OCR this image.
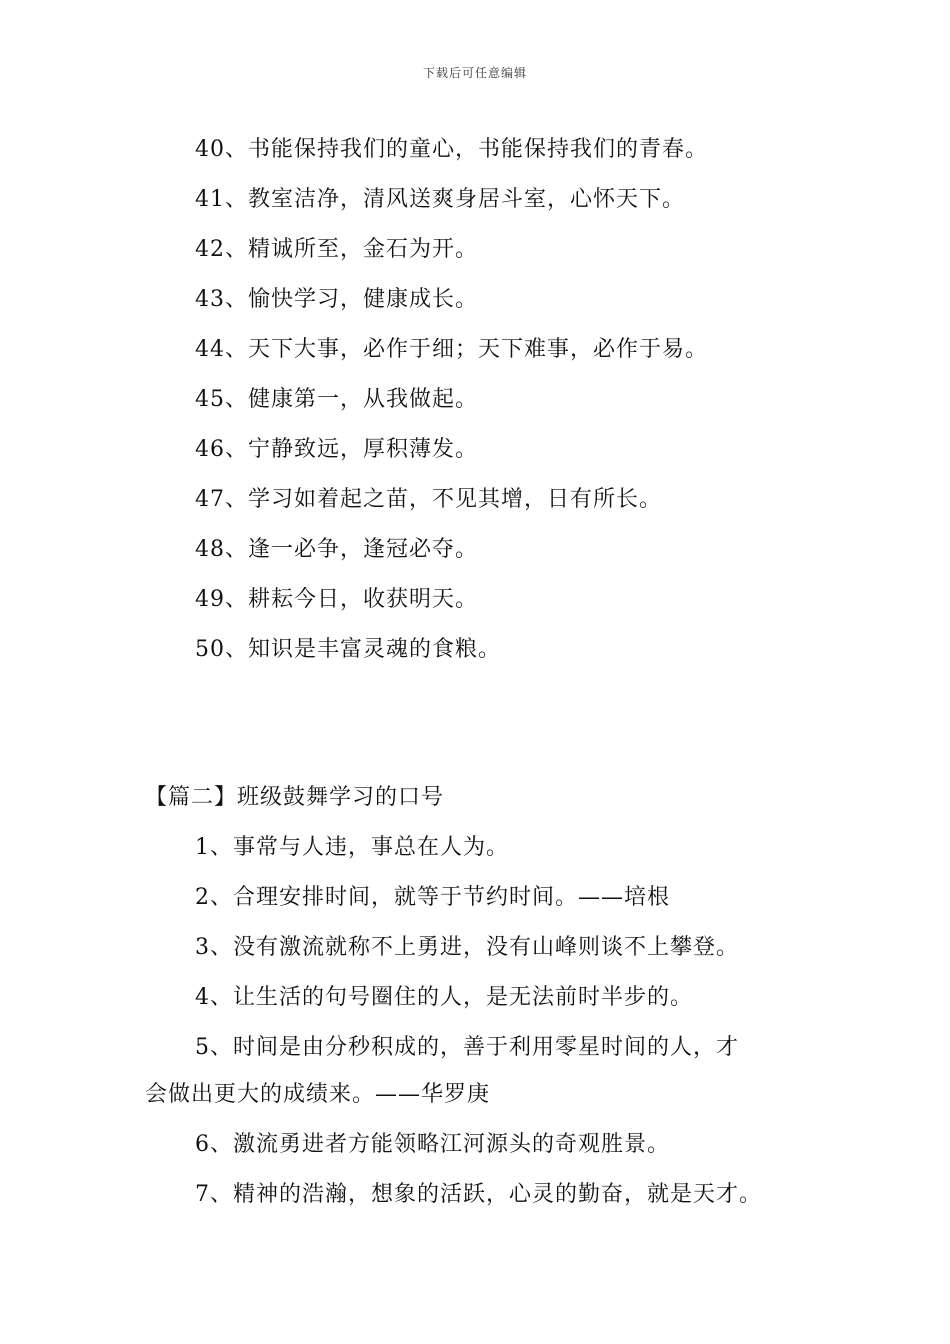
下载后可任意编辑
40、书能保持我们的童心，书能保持我们的青春。
41、教室洁净，清风送爽身居斗室，心怀天下。
42、精诚所至，金石为开。
43、愉快学习，健康成长。
44、天下大事，必作于细；天下难事，必作于易。
45、健康第一，从我做起。
46、宁静致远，厚积薄发。
47、学习如着起之苗，不见其增，日有所长。
48、逢一必争，逢冠必夺。
49、耕耘今日，收获明天。
50、知识是丰富灵魂的食粮。
【篇二】班级鼓舞学习的口号
1、事常与人违，事总在人为。
2、合理安排时间，就等于节约时间。——培根
3、没有激流就称不上勇进，没有山峰则谈不上攀登。
4、让生活的句号圈住的人，是无法前时半步的。
5、时间是由分秒积成的，善于利用零星时间的人，才
会做出更大的成绩来。——华罗庚
6、激流勇进者方能领略江河源头的奇观胜景。
7、精神的浩瀚，想象的活跃，心灵的勤奋，就是天才。
